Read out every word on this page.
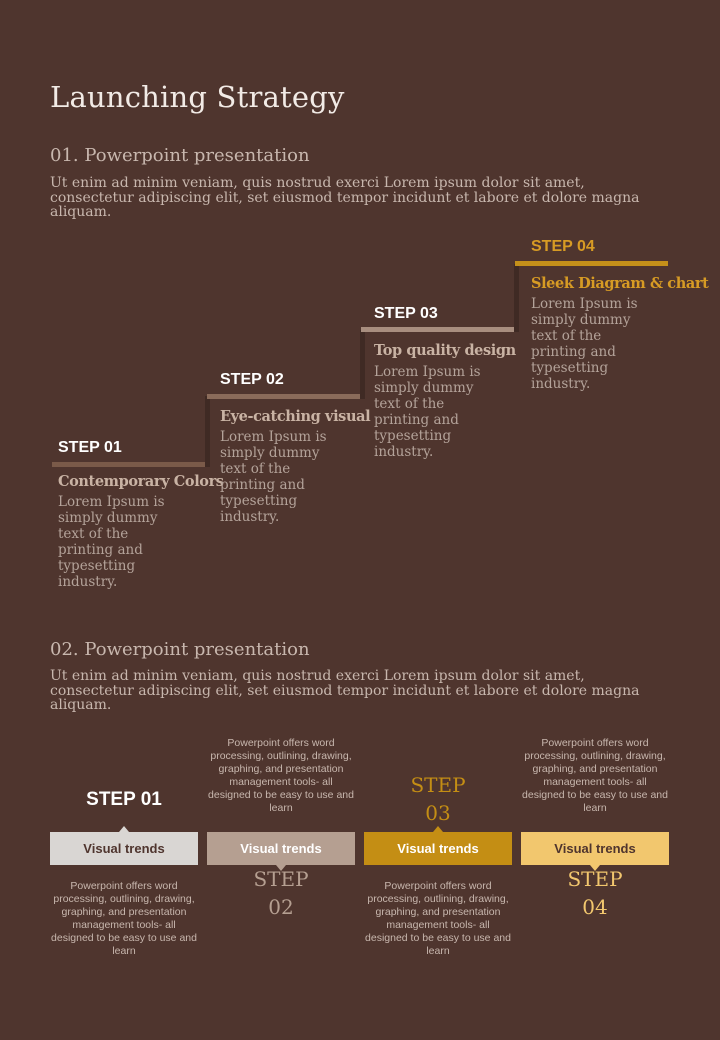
Launching Strategy
01. Powerpoint presentation
Ut enim ad minim veniam, quis nostrud exerci Lorem ipsum dolor sit amet, consectetur adipiscing elit, set eiusmod tempor incidunt et labore et dolore magna aliquam.
STEP 01
Contemporary Colors
Lorem Ipsum is simply dummy text of the printing and typesetting industry.
STEP 02
Eye-catching visual
Lorem Ipsum is simply dummy text of the printing and typesetting industry.
STEP 03
Top quality design
Lorem Ipsum is simply dummy text of the printing and typesetting industry.
STEP 04
Sleek Diagram & chart
Lorem Ipsum is simply dummy text of the printing and typesetting industry.
02. Powerpoint presentation
Ut enim ad minim veniam, quis nostrud exerci Lorem ipsum dolor sit amet, consectetur adipiscing elit, set eiusmod tempor incidunt et labore et dolore magna aliquam.
STEP 01
Visual trends
Powerpoint offers word processing, outlining, drawing, graphing, and presentation management tools- all designed to be easy to use and learn
Powerpoint offers word processing, outlining, drawing, graphing, and presentation management tools- all designed to be easy to use and learn
Visual trends
STEP
02
STEP
03
Visual trends
Powerpoint offers word processing, outlining, drawing, graphing, and presentation management tools- all designed to be easy to use and learn
Powerpoint offers word processing, outlining, drawing, graphing, and presentation management tools- all designed to be easy to use and learn
Visual trends
STEP
04
